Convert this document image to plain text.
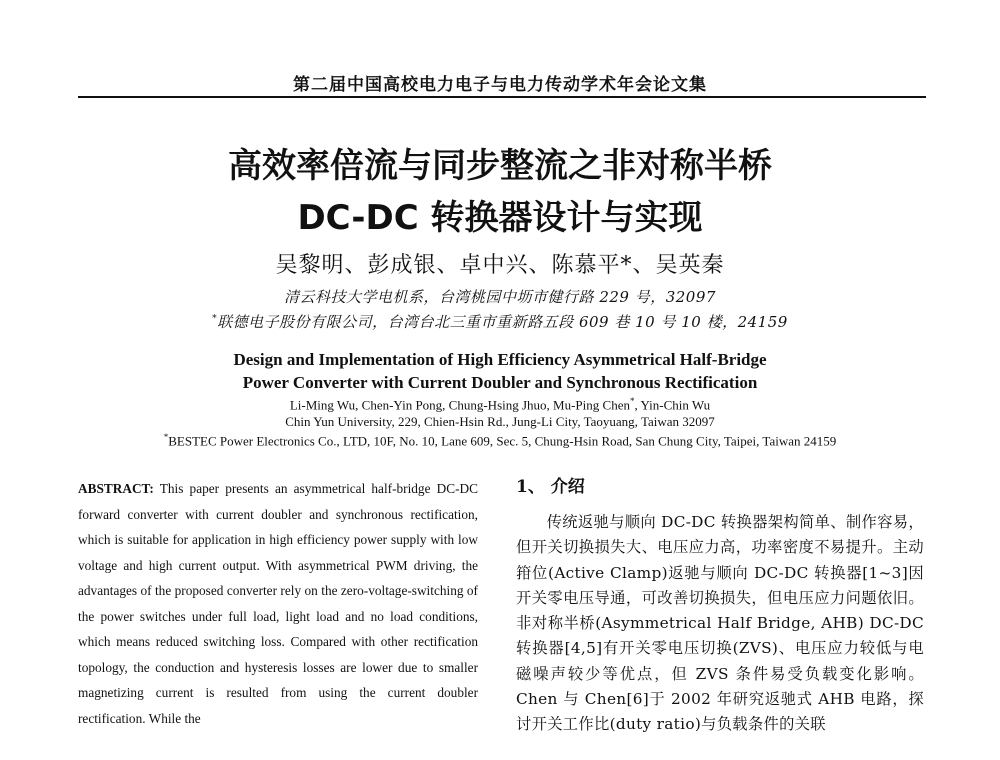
第二届中国高校电力电子与电力传动学术年会论文集
高效率倍流与同步整流之非对称半桥
DC-DC 转换器设计与实现
吴黎明、彭成银、卓中兴、陈慕平*、吴英秦
清云科技大学电机系，台湾桃园中坜市健行路 229 号，32097
*联德电子股份有限公司，台湾台北三重市重新路五段 609 巷 10 号 10 楼，24159
Design and Implementation of High Efficiency Asymmetrical Half-Bridge
Power Converter with Current Doubler and Synchronous Rectification
Li-Ming Wu, Chen-Yin Pong, Chung-Hsing Jhuo, Mu-Ping Chen*, Yin-Chin Wu
Chin Yun University, 229, Chien-Hsin Rd., Jung-Li City, Taoyuang, Taiwan 32097
*BESTEC Power Electronics Co., LTD, 10F, No. 10, Lane 609, Sec. 5, Chung-Hsin Road, San Chung City, Taipei, Taiwan 24159
ABSTRACT: This paper presents an asymmetrical half-bridge DC-DC forward converter with current doubler and synchronous rectification, which is suitable for application in high efficiency power supply with low voltage and high current output. With asymmetrical PWM driving, the advantages of the proposed converter rely on the zero-voltage-switching of the power switches under full load, light load and no load conditions, which means reduced switching loss. Compared with other rectification topology, the conduction and hysteresis losses are lower due to smaller magnetizing current is resulted from using the current doubler rectification. While the
1、 介绍
传统返驰与顺向 DC-DC 转换器架构简单、制作容易，但开关切换损失大、电压应力高，功率密度不易提升。主动箝位(Active Clamp)返驰与顺向 DC-DC 转换器[1~3]因开关零电压导通，可改善切换损失，但电压应力问题依旧。非对称半桥(Asymmetrical Half Bridge, AHB) DC-DC 转换器[4,5]有开关零电压切换(ZVS)、电压应力较低与电磁噪声较少等优点，但 ZVS 条件易受负载变化影响。Chen 与 Chen[6]于 2002 年研究返驰式 AHB 电路，探讨开关工作比(duty ratio)与负载条件的关联
